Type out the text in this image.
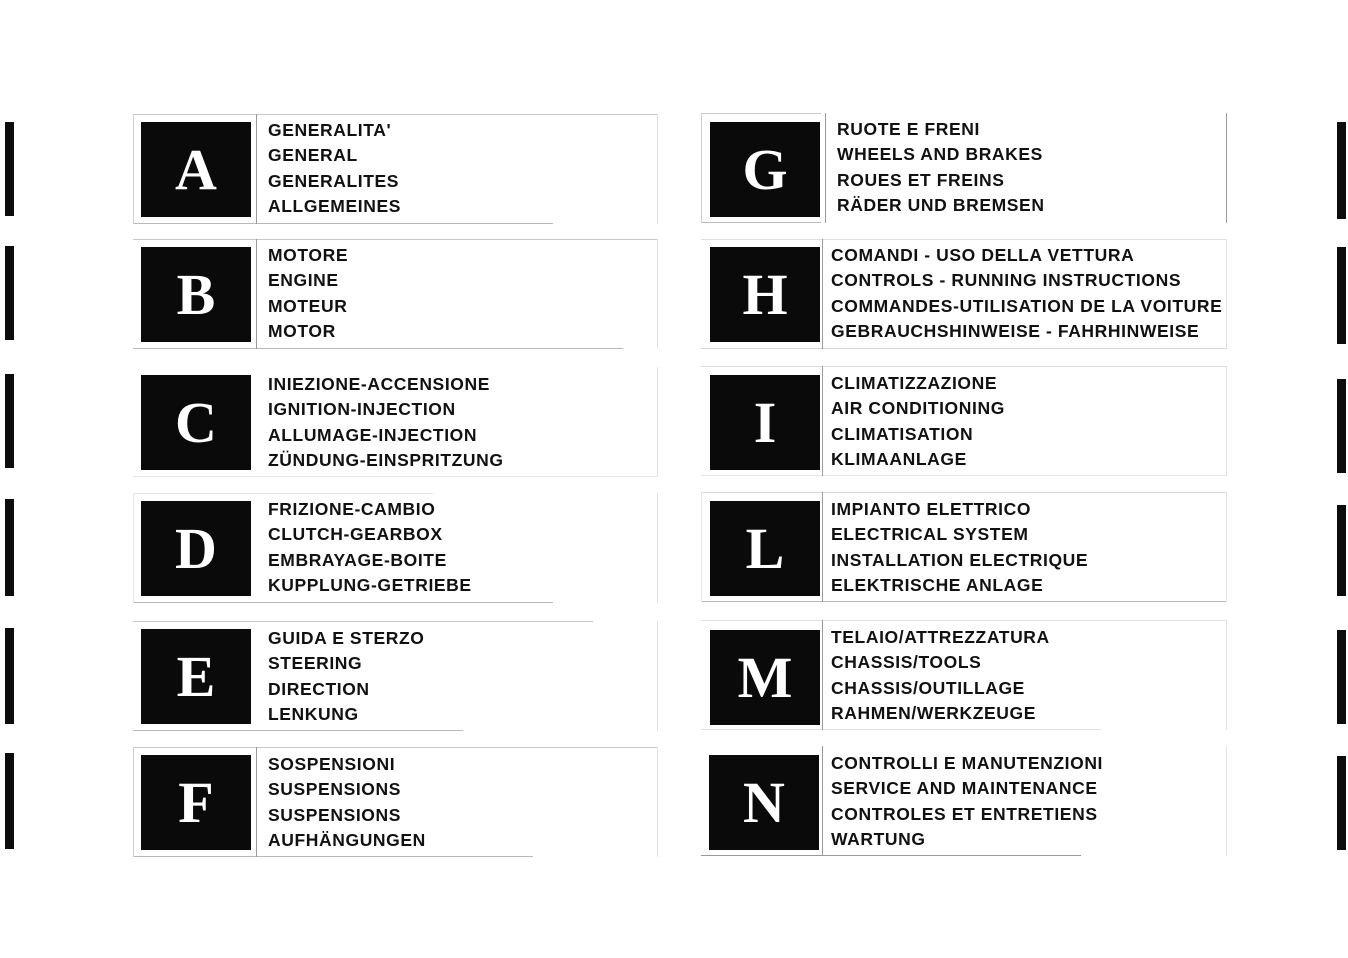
A
GENERALITA'
GENERAL
GENERALITES
ALLGEMEINES
B
MOTORE
ENGINE
MOTEUR
MOTOR
C
INIEZIONE-ACCENSIONE
IGNITION-INJECTION
ALLUMAGE-INJECTION
ZÜNDUNG-EINSPRITZUNG
D
FRIZIONE-CAMBIO
CLUTCH-GEARBOX
EMBRAYAGE-BOITE
KUPPLUNG-GETRIEBE
E
GUIDA E STERZO
STEERING
DIRECTION
LENKUNG
F
SOSPENSIONI
SUSPENSIONS
SUSPENSIONS
AUFHÄNGUNGEN
G
RUOTE E FRENI
WHEELS AND BRAKES
ROUES ET FREINS
RÄDER UND BREMSEN
H
COMANDI - USO DELLA VETTURA
CONTROLS - RUNNING INSTRUCTIONS
COMMANDES-UTILISATION DE LA VOITURE
GEBRAUCHSHINWEISE - FAHRHINWEISE
I
CLIMATIZZAZIONE
AIR CONDITIONING
CLIMATISATION
KLIMAANLAGE
L
IMPIANTO ELETTRICO
ELECTRICAL SYSTEM
INSTALLATION ELECTRIQUE
ELEKTRISCHE ANLAGE
M
TELAIO/ATTREZZATURA
CHASSIS/TOOLS
CHASSIS/OUTILLAGE
RAHMEN/WERKZEUGE
N
CONTROLLI E MANUTENZIONI
SERVICE AND MAINTENANCE
CONTROLES ET ENTRETIENS
WARTUNG
